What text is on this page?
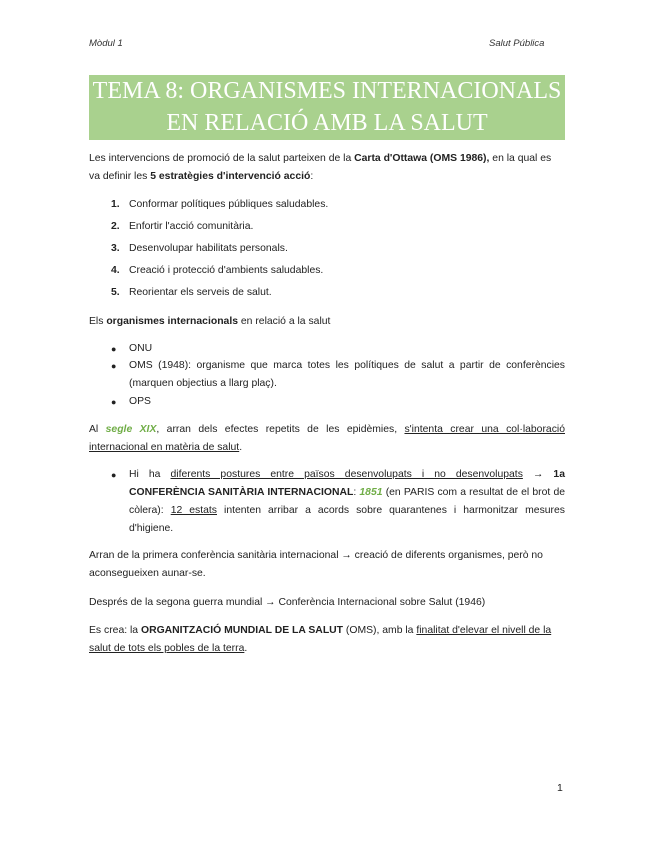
Mòdul 1	Salut Pública
TEMA 8: ORGANISMES INTERNACIONALS
EN RELACIÓ AMB LA SALUT
Les intervencions de promoció de la salut parteixen de la Carta d'Ottawa (OMS 1986), en la qual es va definir les 5 estratègies d'intervenció acció:
1. Conformar polítiques públiques saludables.
2. Enfortir l'acció comunitària.
3. Desenvolupar habilitats personals.
4. Creació i protecció d'ambients saludables.
5. Reorientar els serveis de salut.
Els organismes internacionals en relació a la salut
● ONU
● OMS (1948): organisme que marca totes les polítiques de salut a partir de conferències (marquen objectius a llarg plaç).
● OPS
Al segle XIX, arran dels efectes repetits de les epidèmies, s'intenta crear una col·laboració internacional en matèria de salut.
● Hi ha diferents postures entre països desenvolupats i no desenvolupats → 1a CONFERÈNCIA SANITÀRIA INTERNACIONAL: 1851 (en PARIS com a resultat de el brot de còlera): 12 estats intenten arribar a acords sobre quarantenes i harmonitzar mesures d'higiene.
Arran de la primera conferència sanitària internacional → creació de diferents organismes, però no aconsegueixen aunar-se.
Després de la segona guerra mundial → Conferència Internacional sobre Salut (1946)
Es crea: la ORGANITZACIÓ MUNDIAL DE LA SALUT (OMS), amb la finalitat d'elevar el nivell de la salut de tots els pobles de la terra.
1
